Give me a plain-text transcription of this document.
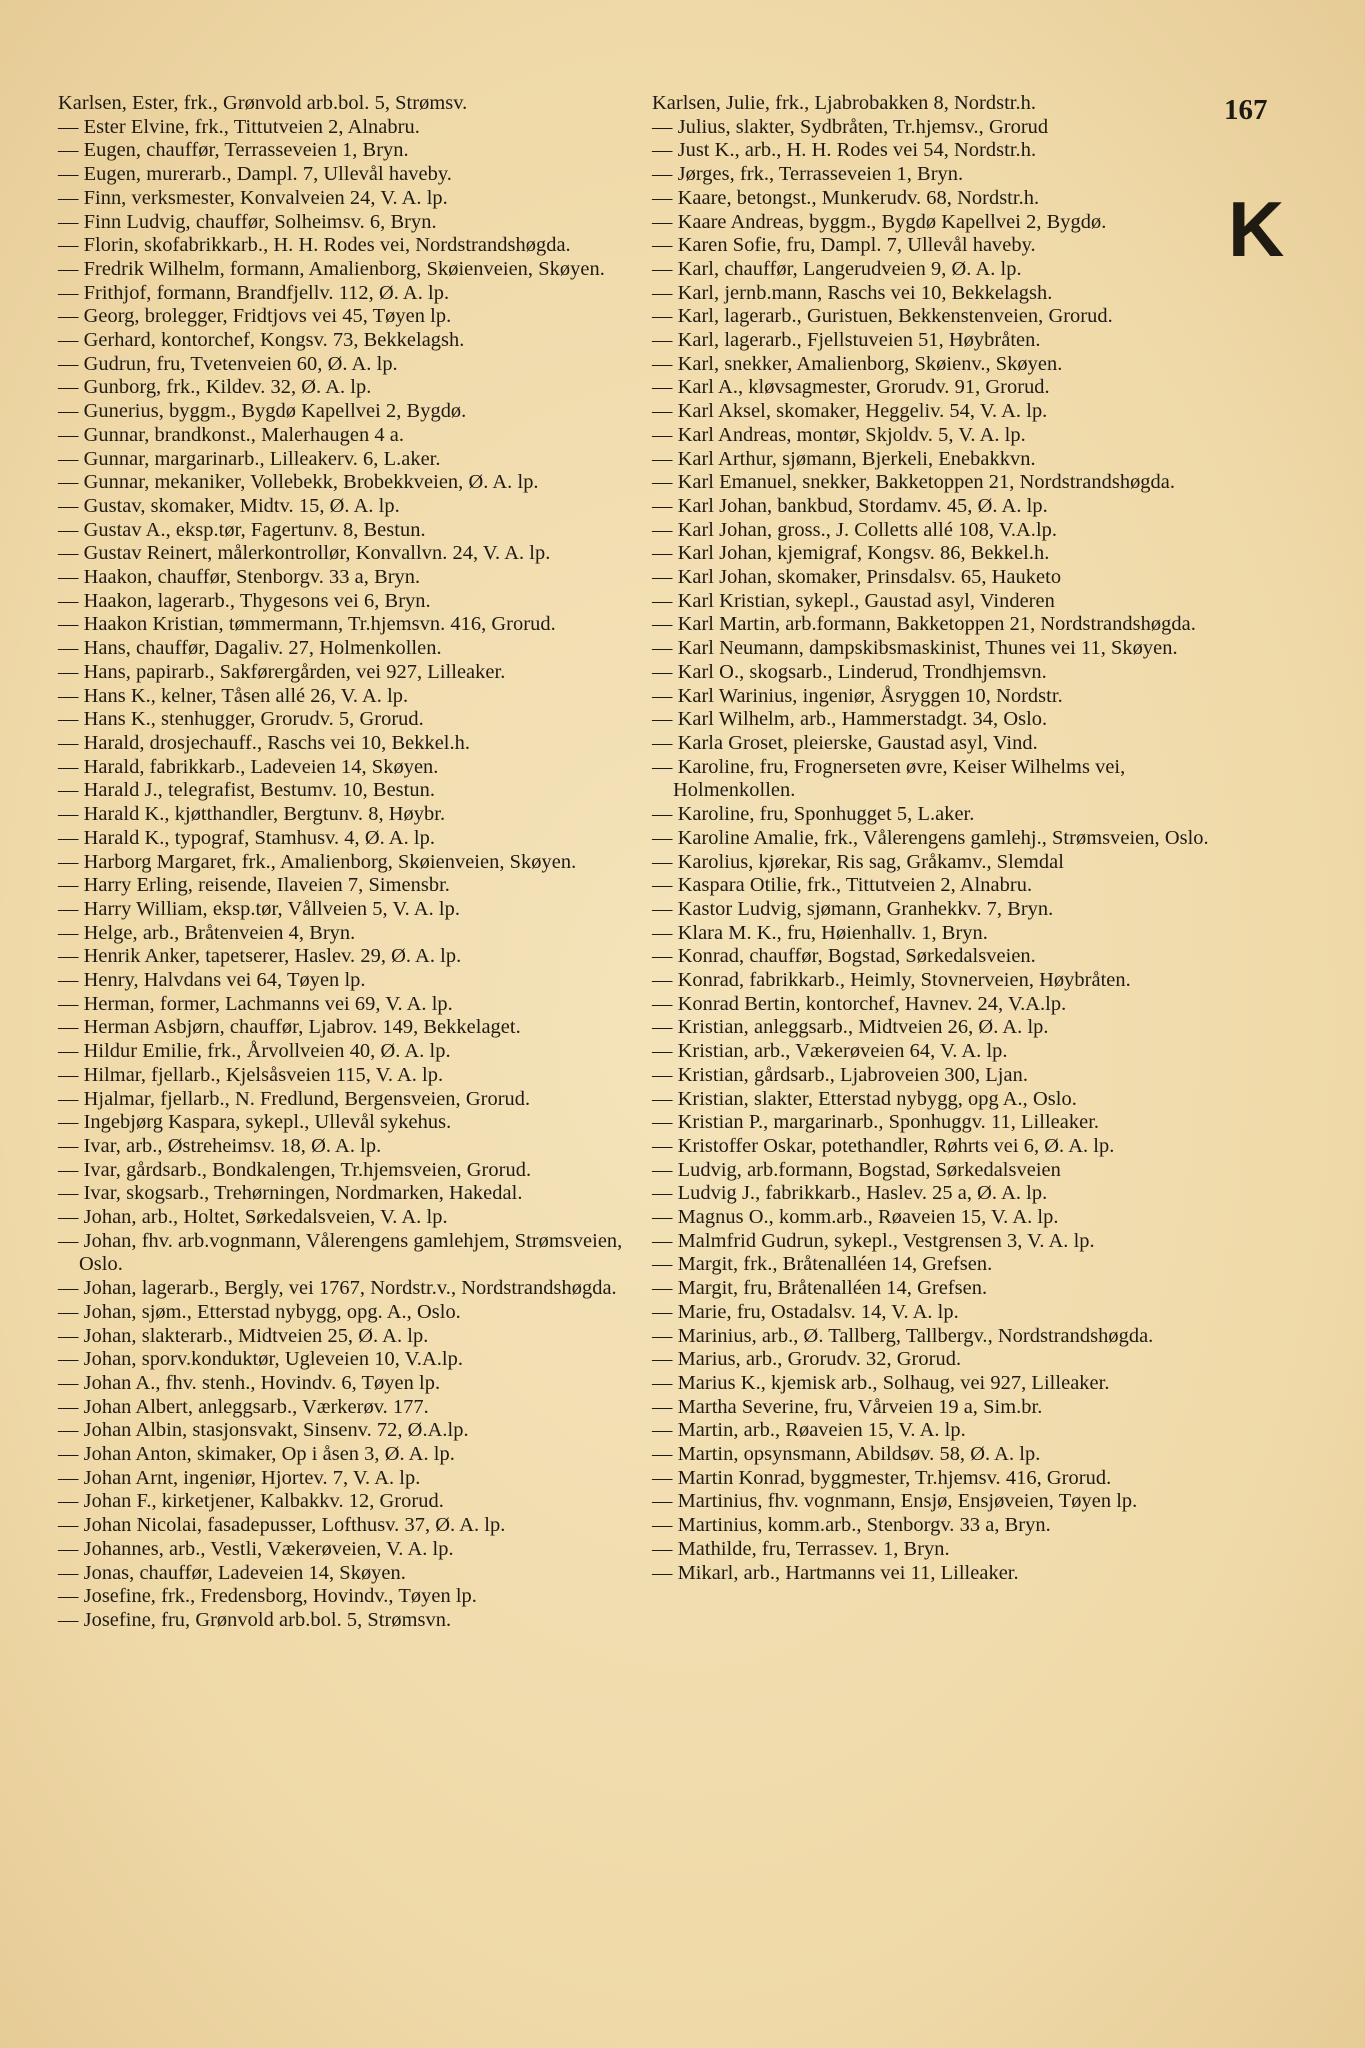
Karlsen, Ester, frk., Grønvold arb.bol. 5, Strømsv.
— Ester Elvine, frk., Tittutveien 2, Alnabru.
— Eugen, chauffør, Terrasseveien 1, Bryn.
— Eugen, murerarb., Dampl. 7, Ullevål haveby.
— Finn, verksmester, Konvalveien 24, V. A. lp.
— Finn Ludvig, chauffør, Solheimsv. 6, Bryn.
— Florin, skofabrikkarb., H. H. Rodes vei, Nordstrandshøgda.
— Fredrik Wilhelm, formann, Amalienborg, Skøienveien, Skøyen.
— Frithjof, formann, Brandfjellv. 112, Ø. A. lp.
— Georg, brolegger, Fridtjovs vei 45, Tøyen lp.
— Gerhard, kontorchef, Kongsv. 73, Bekkelagsh.
— Gudrun, fru, Tvetenveien 60, Ø. A. lp.
— Gunborg, frk., Kildev. 32, Ø. A. lp.
— Gunerius, byggm., Bygdø Kapellvei 2, Bygdø.
— Gunnar, brandkonst., Malerhaugen 4 a.
— Gunnar, margarinarb., Lilleakerv. 6, L.aker.
— Gunnar, mekaniker, Vollebekk, Brobekkveien, Ø. A. lp.
— Gustav, skomaker, Midtv. 15, Ø. A. lp.
— Gustav A., eksp.tør, Fagertunv. 8, Bestun.
— Gustav Reinert, målerkontrollør, Konvallvn. 24, V. A. lp.
— Haakon, chauffør, Stenborgv. 33 a, Bryn.
— Haakon, lagerarb., Thygesons vei 6, Bryn.
— Haakon Kristian, tømmermann, Tr.hjemsvn. 416, Grorud.
— Hans, chauffør, Dagaliv. 27, Holmenkollen.
— Hans, papirarb., Sakførergården, vei 927, Lilleaker.
— Hans K., kelner, Tåsen allé 26, V. A. lp.
— Hans K., stenhugger, Grorudv. 5, Grorud.
— Harald, drosjechauff., Raschs vei 10, Bekkel.h.
— Harald, fabrikkarb., Ladeveien 14, Skøyen.
— Harald J., telegrafist, Bestumv. 10, Bestun.
— Harald K., kjøtthandler, Bergtunv. 8, Høybr.
— Harald K., typograf, Stamhusv. 4, Ø. A. lp.
— Harborg Margaret, frk., Amalienborg, Skøienveien, Skøyen.
— Harry Erling, reisende, Ilaveien 7, Simensbr.
— Harry William, eksp.tør, Vållveien 5, V. A. lp.
— Helge, arb., Bråtenveien 4, Bryn.
— Henrik Anker, tapetserer, Haslev. 29, Ø. A. lp.
— Henry, Halvdans vei 64, Tøyen lp.
— Herman, former, Lachmanns vei 69, V. A. lp.
— Herman Asbjørn, chauffør, Ljabrov. 149, Bekkelaget.
— Hildur Emilie, frk., Årvollveien 40, Ø. A. lp.
— Hilmar, fjellarb., Kjelsåsveien 115, V. A. lp.
— Hjalmar, fjellarb., N. Fredlund, Bergensveien, Grorud.
— Ingebjørg Kaspara, sykepl., Ullevål sykehus.
— Ivar, arb., Østreheimsv. 18, Ø. A. lp.
— Ivar, gårdsarb., Bondkalengen, Tr.hjemsveien, Grorud.
— Ivar, skogsarb., Trehørningen, Nordmarken, Hakedal.
— Johan, arb., Holtet, Sørkedalsveien, V. A. lp.
— Johan, fhv. arb.vognmann, Vålerengens gamlehjem, Strømsveien, Oslo.
— Johan, lagerarb., Bergly, vei 1767, Nordstr.v., Nordstrandshøgda.
— Johan, sjøm., Etterstad nybygg, opg. A., Oslo.
— Johan, slakterarb., Midtveien 25, Ø. A. lp.
— Johan, sporv.konduktør, Ugleveien 10, V.A.lp.
— Johan A., fhv. stenh., Hovindv. 6, Tøyen lp.
— Johan Albert, anleggsarb., Værkerøv. 177.
— Johan Albin, stasjonsvakt, Sinsenv. 72, Ø.A.lp.
— Johan Anton, skimaker, Op i åsen 3, Ø. A. lp.
— Johan Arnt, ingeniør, Hjortev. 7, V. A. lp.
— Johan F., kirketjener, Kalbakkv. 12, Grorud.
— Johan Nicolai, fasadepusser, Lofthusv. 37, Ø. A. lp.
— Johannes, arb., Vestli, Vækerøveien, V. A. lp.
— Jonas, chauffør, Ladeveien 14, Skøyen.
— Josefine, frk., Fredensborg, Hovindv., Tøyen lp.
— Josefine, fru, Grønvold arb.bol. 5, Strømsvn.
Karlsen, Julie, frk., Ljabrobakken 8, Nordstr.h.
— Julius, slakter, Sydbråten, Tr.hjemsv., Grorud
— Just K., arb., H. H. Rodes vei 54, Nordstr.h.
— Jørges, frk., Terrasseveien 1, Bryn.
— Kaare, betongst., Munkerudv. 68, Nordstr.h.
— Kaare Andreas, byggm., Bygdø Kapellvei 2, Bygdø.
— Karen Sofie, fru, Dampl. 7, Ullevål haveby.
— Karl, chauffør, Langerudveien 9, Ø. A. lp.
— Karl, jernb.mann, Raschs vei 10, Bekkelagsh.
— Karl, lagerarb., Guristuen, Bekkenstenveien, Grorud.
— Karl, lagerarb., Fjellstuveien 51, Høybråten.
— Karl, snekker, Amalienborg, Skøienv., Skøyen.
— Karl A., kløvsagmester, Grorudv. 91, Grorud.
— Karl Aksel, skomaker, Heggeliv. 54, V. A. lp.
— Karl Andreas, montør, Skjoldv. 5, V. A. lp.
— Karl Arthur, sjømann, Bjerkeli, Enebakkvn.
— Karl Emanuel, snekker, Bakketoppen 21, Nordstrandshøgda.
— Karl Johan, bankbud, Stordamv. 45, Ø. A. lp.
— Karl Johan, gross., J. Colletts allé 108, V.A.lp.
— Karl Johan, kjemigraf, Kongsv. 86, Bekkel.h.
— Karl Johan, skomaker, Prinsdalsv. 65, Hauketo
— Karl Kristian, sykepl., Gaustad asyl, Vinderen
— Karl Martin, arb.formann, Bakketoppen 21, Nordstrandshøgda.
— Karl Neumann, dampskibsmaskinist, Thunes vei 11, Skøyen.
— Karl O., skogsarb., Linderud, Trondhjemsvn.
— Karl Warinius, ingeniør, Åsryggen 10, Nordstr.
— Karl Wilhelm, arb., Hammerstadgt. 34, Oslo.
— Karla Groset, pleierske, Gaustad asyl, Vind.
— Karoline, fru, Frognerseten øvre, Keiser Wilhelms vei, Holmenkollen.
— Karoline, fru, Sponhugget 5, L.aker.
— Karoline Amalie, frk., Vålerengens gamlehj., Strømsveien, Oslo.
— Karolius, kjørekar, Ris sag, Gråkamv., Slemdal
— Kaspara Otilie, frk., Tittutveien 2, Alnabru.
— Kastor Ludvig, sjømann, Granhekkv. 7, Bryn.
— Klara M. K., fru, Høienhallv. 1, Bryn.
— Konrad, chauffør, Bogstad, Sørkedalsveien.
— Konrad, fabrikkarb., Heimly, Stovnerveien, Høybråten.
— Konrad Bertin, kontorchef, Havnev. 24, V.A.lp.
— Kristian, anleggsarb., Midtveien 26, Ø. A. lp.
— Kristian, arb., Vækerøveien 64, V. A. lp.
— Kristian, gårdsarb., Ljabroveien 300, Ljan.
— Kristian, slakter, Etterstad nybygg, opg A., Oslo.
— Kristian P., margarinarb., Sponhuggv. 11, Lilleaker.
— Kristoffer Oskar, potethandler, Røhrts vei 6, Ø. A. lp.
— Ludvig, arb.formann, Bogstad, Sørkedalsveien
— Ludvig J., fabrikkarb., Haslev. 25 a, Ø. A. lp.
— Magnus O., komm.arb., Røaveien 15, V. A. lp.
— Malmfrid Gudrun, sykepl., Vestgrensen 3, V. A. lp.
— Margit, frk., Bråtenalléen 14, Grefsen.
— Margit, fru, Bråtenalléen 14, Grefsen.
— Marie, fru, Ostadalsv. 14, V. A. lp.
— Marinius, arb., Ø. Tallberg, Tallbergv., Nordstrandshøgda.
— Marius, arb., Grorudv. 32, Grorud.
— Marius K., kjemisk arb., Solhaug, vei 927, Lilleaker.
— Martha Severine, fru, Vårveien 19 a, Sim.br.
— Martin, arb., Røaveien 15, V. A. lp.
— Martin, opsynsmann, Abildsøv. 58, Ø. A. lp.
— Martin Konrad, byggmester, Tr.hjemsv. 416, Grorud.
— Martinius, fhv. vognmann, Ensjø, Ensjøveien, Tøyen lp.
— Martinius, komm.arb., Stenborgv. 33 a, Bryn.
— Mathilde, fru, Terrassev. 1, Bryn.
— Mikarl, arb., Hartmanns vei 11, Lilleaker.
167
K
